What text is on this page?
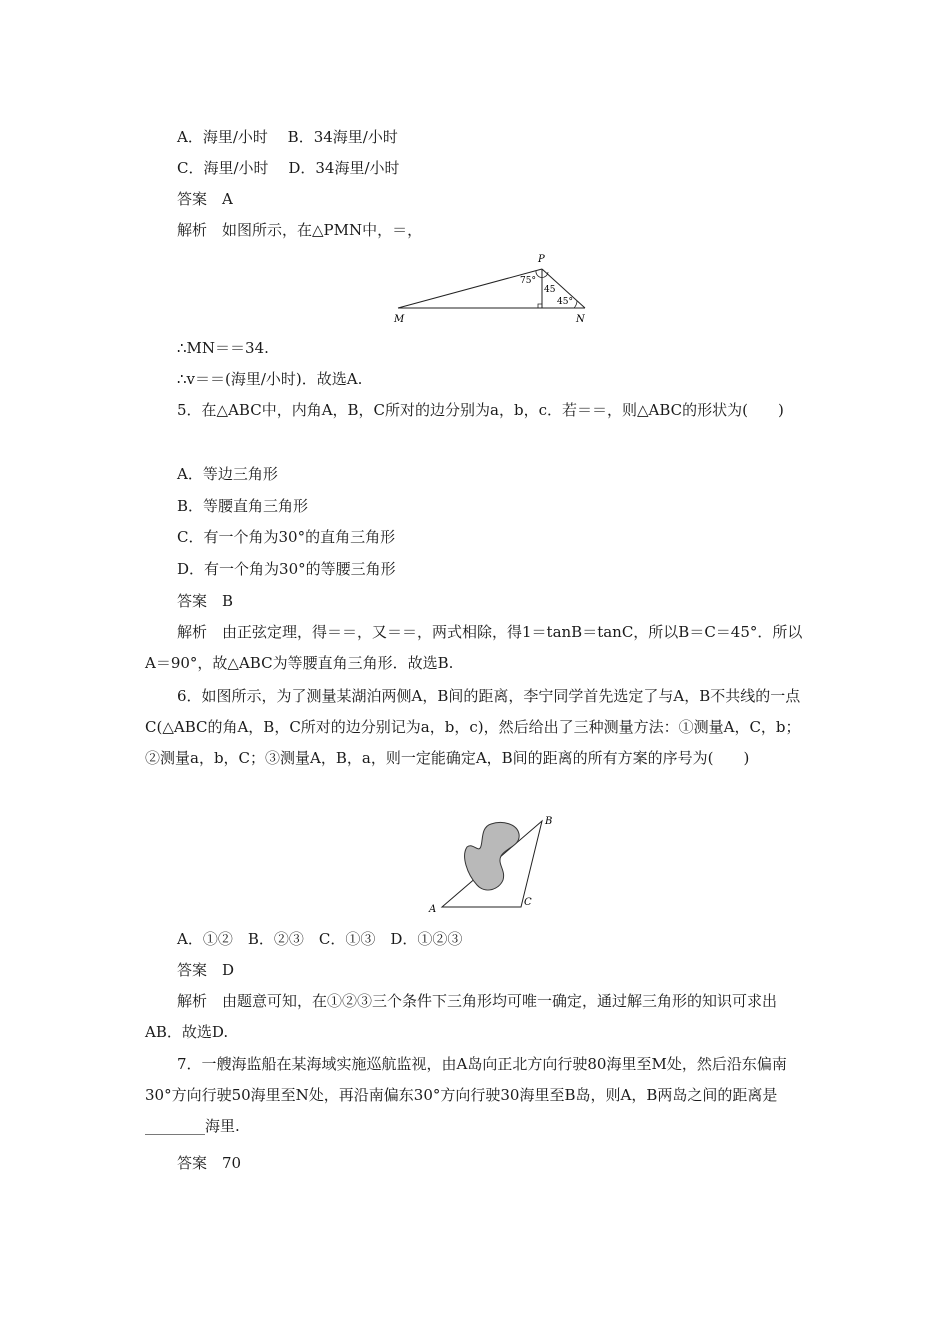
A．海里/小时　 B．34海里/小时
C．海里/小时　 D．34海里/小时
答案　A
解析　如图所示，在△PMN中，＝，
P
M	N
75°
45
45°
∴MN＝＝34.
∴v＝＝(海里/小时)．故选A.
5．在△ABC中，内角A，B，C所对的边分别为a，b，c．若＝＝，则△ABC的形状为(　　)
A．等边三角形
B．等腰直角三角形
C．有一个角为30°的直角三角形
D．有一个角为30°的等腰三角形
答案　B
解析　由正弦定理，得＝＝，又＝＝，两式相除，得1＝tanB＝tanC，所以B＝C＝45°．所以A＝90°，故△ABC为等腰直角三角形．故选B.
6．如图所示，为了测量某湖泊两侧A，B间的距离，李宁同学首先选定了与A，B不共线的一点C(△ABC的角A，B，C所对的边分别记为a，b，c)，然后给出了三种测量方法：①测量A，C，b；②测量a，b，C；③测量A，B，a，则一定能确定A，B间的距离的所有方案的序号为(　　)
A
B
C
A．①②　B．②③　C．①③　D．①②③
答案　D
解析　由题意可知，在①②③三个条件下三角形均可唯一确定，通过解三角形的知识可求出AB．故选D.
7．一艘海监船在某海域实施巡航监视，由A岛向正北方向行驶80海里至M处，然后沿东偏南30°方向行驶50海里至N处，再沿南偏东30°方向行驶30海里至B岛，则A，B两岛之间的距离是________海里.
答案　70
